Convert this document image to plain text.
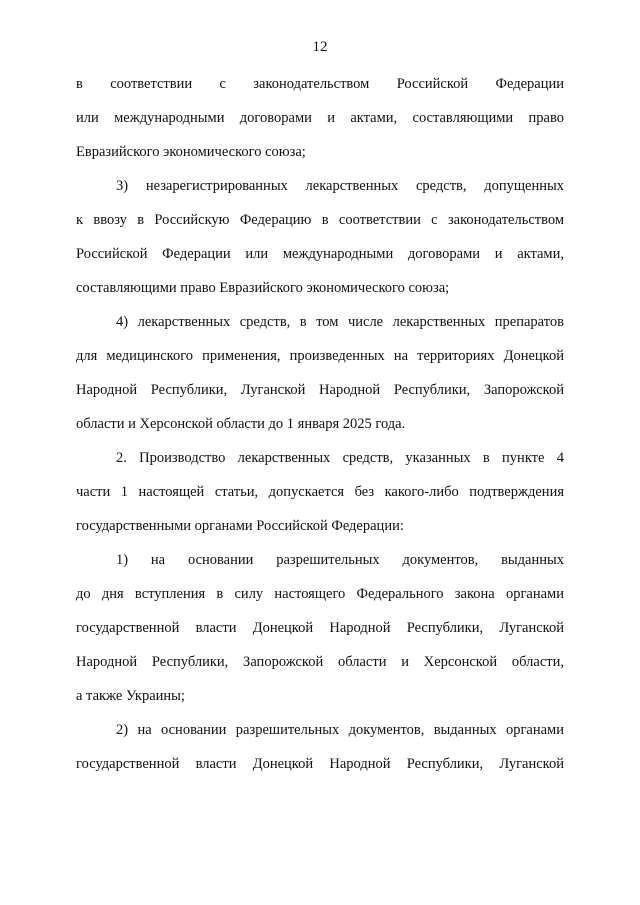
12
в соответствии с законодательством Российской Федерации
или международными договорами и актами, составляющими право
Евразийского экономического союза;
3) незарегистрированных лекарственных средств, допущенных
к ввозу в Российскую Федерацию в соответствии с законодательством
Российской Федерации или международными договорами и актами,
составляющими право Евразийского экономического союза;
4) лекарственных средств, в том числе лекарственных препаратов
для медицинского применения, произведенных на территориях Донецкой
Народной Республики, Луганской Народной Республики, Запорожской
области и Херсонской области до 1 января 2025 года.
2. Производство лекарственных средств, указанных в пункте 4
части 1 настоящей статьи, допускается без какого-либо подтверждения
государственными органами Российской Федерации:
1) на основании разрешительных документов, выданных
до дня вступления в силу настоящего Федерального закона органами
государственной власти Донецкой Народной Республики, Луганской
Народной Республики, Запорожской области и Херсонской области,
а также Украины;
2) на основании разрешительных документов, выданных органами
государственной власти Донецкой Народной Республики, Луганской
